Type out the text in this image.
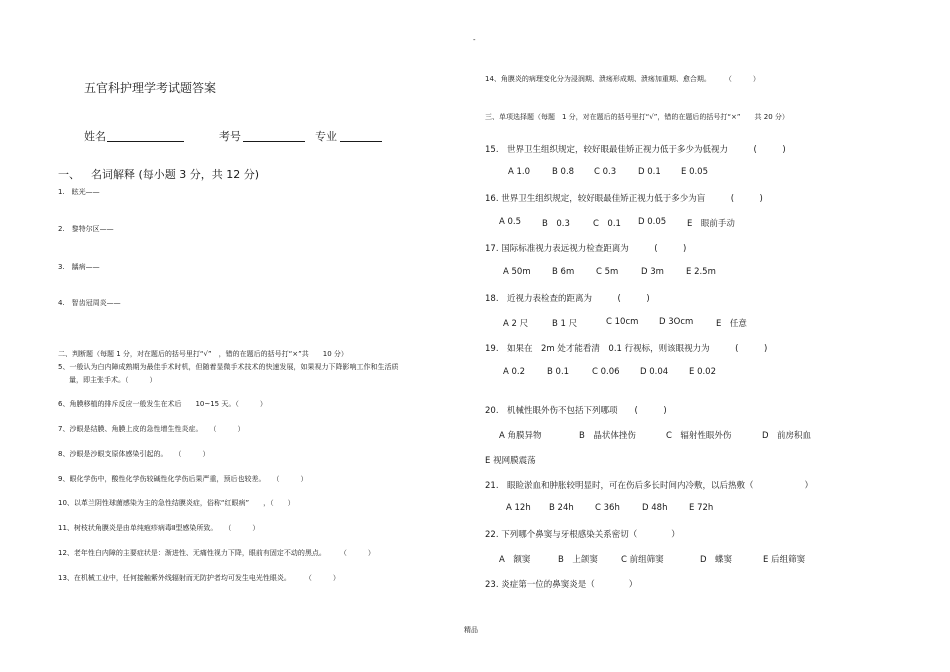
-
五官科护理学考试题答案
姓名	考号	专业
一、 名词解释 (每小题 3 分，共 12 分)
1.　眩光——
2.　黎特尔区——
3.　龋病——
4.　智齿冠周炎——
二、判断题（每题 1 分，对在题后的括号里打“√”　，错的在题后的括号打“×”共　　10 分）
5、一般认为白内障成熟期为最佳手术时机，但随着显微手术技术的快速发展，如果视力下降影响工作和生活质
量，即主张手术。（　　　）
6、角膜移植的排斥反应一般发生在术后　　10~15 天。（　　　）
7、沙眼是结膜、角膜上皮的急性增生性炎症。　　（　　　）
8、沙眼是沙眼支原体感染引起的。　　（　　　）
9、眼化学伤中，酸性化学伤较碱性化学伤后果严重，预后也较差。　　（　　　）
10、以革兰阴性球菌感染为主的急性结膜炎症，俗称“红眼病”　　，（　　）
11、树枝状角膜炎是由单纯疱疹病毒Ⅱ型感染所致。　　（　　　）
12、老年性白内障的主要症状是：渐进性、无痛性视力下降，眼前有固定不动的黑点。　　　（　　　）
13、在机械工业中，任何接触紫外线辐射而无防护者均可发生电光性眼炎。　　　（　　　）
14、角膜炎的病理变化分为浸润期、溃疡形成期、溃疡加重期、愈合期。　　　（　　　）
三、单项选择题（每题　1 分，对在题后的括号里打“√”，错的在题后的括号打“×”　　共 20 分）
15.　世界卫生组织规定，较好眼最佳矫正视力低于多少为低视力　　　(　　　)
A 1.0	B 0.8 C 0.3	D 0.1 E 0.05
16. 世界卫生组织规定，较好眼最佳矫正视力低于多少为盲　　　(　　　)
A 0.5 B　0.3	C　0.1 D 0.05 E　眼前手动
17. 国际标准视力表远视力检查距离为　　　(　　　)
A 50m	B 6m	C 5m	D 3m	E 2.5m
18.　近视力表检查的距离为　　　(　　　)
A 2 尺	B 1 尺	C 10cm D 3Ocm	E　任意
19.　如果在　2m 处才能看清　0.1 行视标，则该眼视力为　　　(　　　)
A 0.2	B 0.1	C 0.06 D 0.04 E 0.02
20.　机械性眼外伤不包括下列哪项　　(　　　)
A 角膜异物	B　晶状体挫伤	C　辐射性眼外伤	D　前房积血
E 视网膜震荡
21.　眼睑淤血和肿胀较明显时，可在伤后多长时间内冷敷，以后热敷（　　　　　　）
A 12h B 24h	C 36h	D 48h	E 72h
22. 下列哪个鼻窦与牙根感染关系密切（　　　　）
A　额窦	B　上颌窦	C 前组筛窦	D　蝶窦	E 后组筛窦
23. 炎症第一位的鼻窦炎是（　　　　）
精品
